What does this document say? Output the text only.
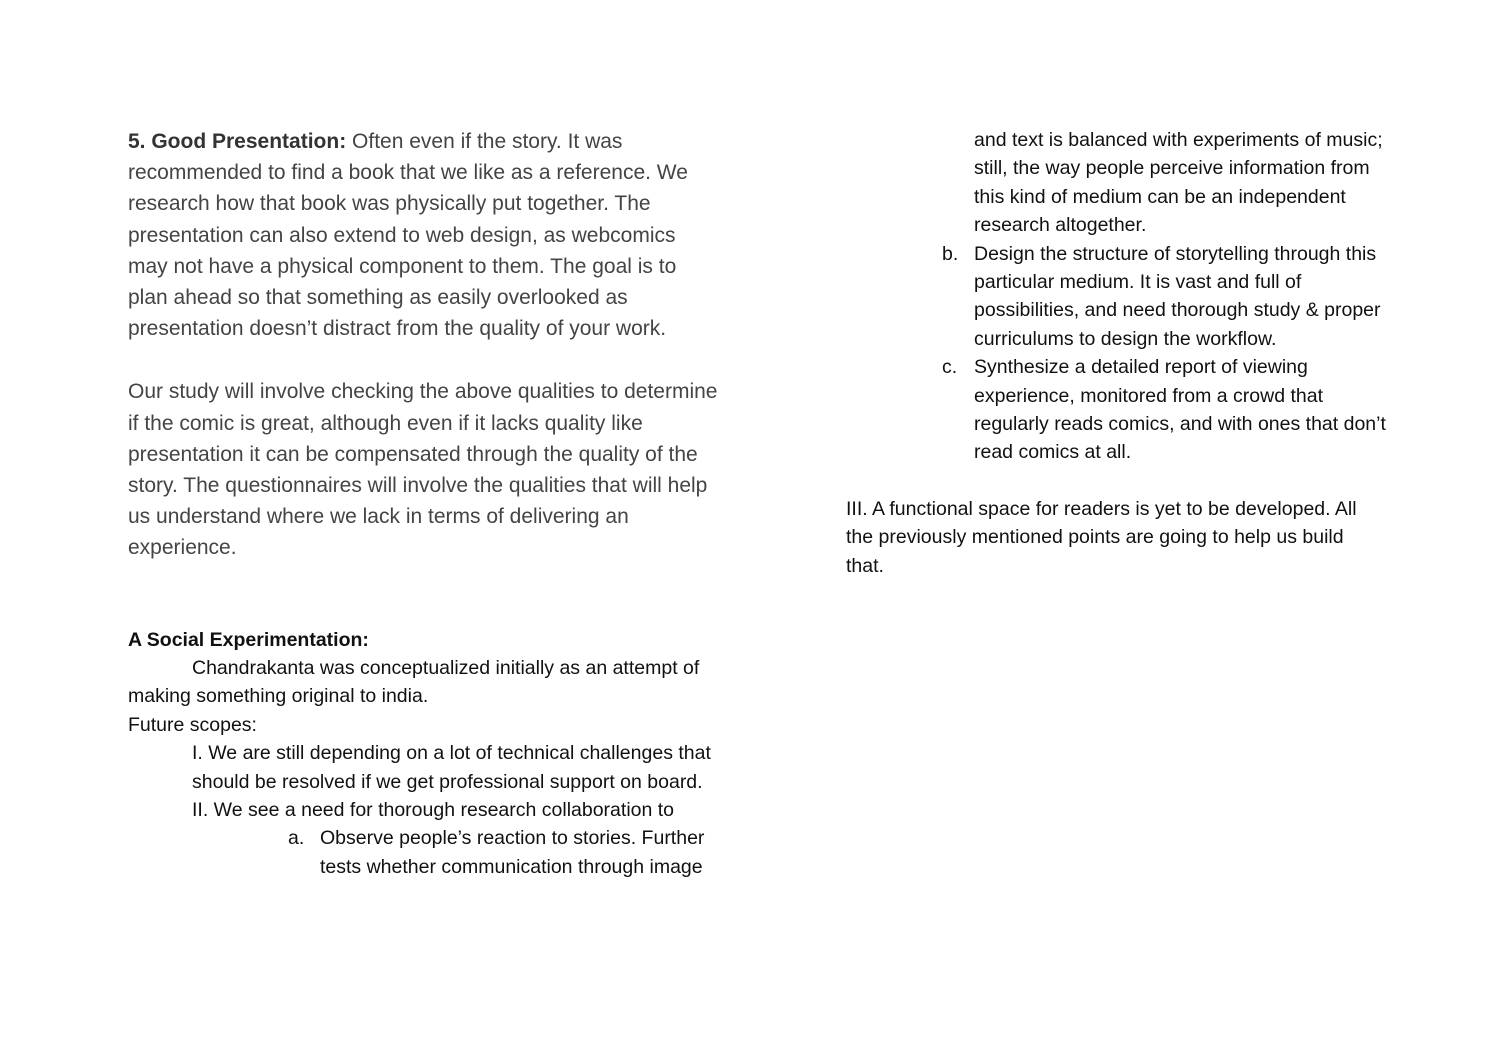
5. Good Presentation: Often even if the story. It was recommended to find a book that we like as a reference. We research how that book was physically put together. The presentation can also extend to web design, as webcomics may not have a physical component to them. The goal is to plan ahead so that something as easily overlooked as presentation doesn’t distract from the quality of your work.

Our study will involve checking the above qualities to determine if the comic is great, although even if it lacks quality like presentation it can be compensated through the quality of the story. The questionnaires will involve the qualities that will help us understand where we lack in terms of delivering an experience.

A Social Experimentation:

Chandrakanta was conceptualized initially as an attempt of making something original to india.

Future scopes:

I. We are still depending on a lot of technical challenges that should be resolved if we get professional support on board.

II. We see a need for thorough research collaboration to

a. Observe people’s reaction to stories. Further tests whether communication through image
and text is balanced with experiments of music; still, the way people perceive information from this kind of medium can be an independent research altogether.
b. Design the structure of storytelling through this particular medium. It is vast and full of possibilities, and need thorough study & proper curriculums to design the workflow.
c. Synthesize a detailed report of viewing experience, monitored from a crowd that regularly reads comics, and with ones that don’t read comics at all.

III. A functional space for readers is yet to be developed. All the previously mentioned points are going to help us build that.
